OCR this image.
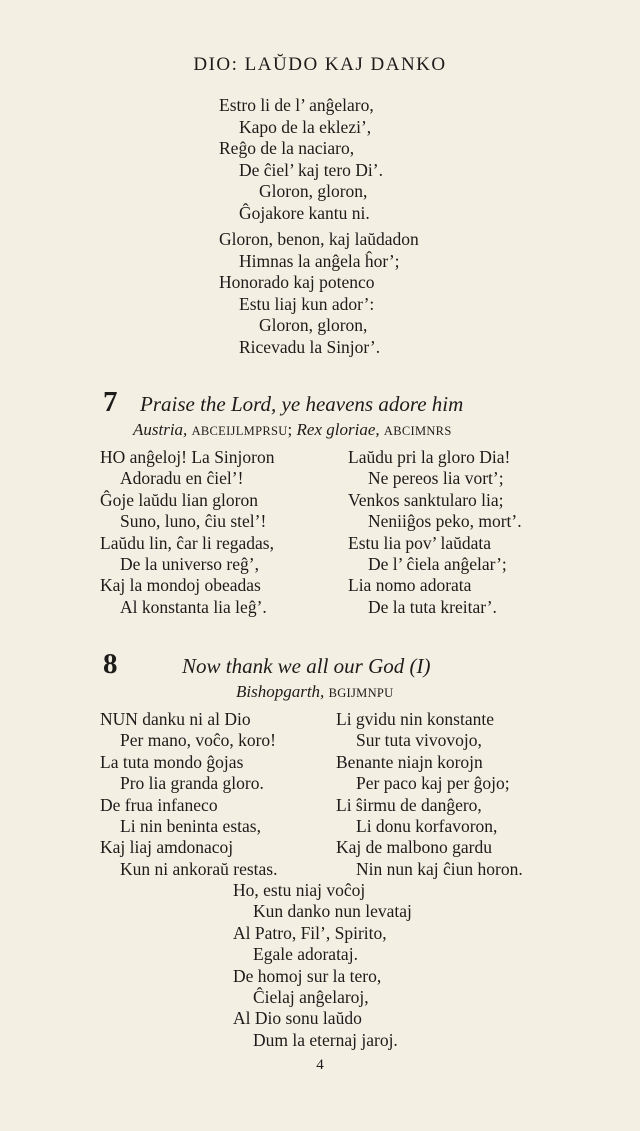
DIO: LAŬDO KAJ DANKO
Estro li de l’ anĝelaro,
Kapo de la eklezi’,
Reĝo de la naciaro,
De ĉiel’ kaj tero Di’.
Gloron, gloron,
Ĝojakore kantu ni.
Gloron, benon, kaj laŭdadon
Himnas la anĝela ĥor’;
Honorado kaj potenco
Estu liaj kun ador’:
Gloron, gloron,
Ricevadu la Sinjor’.
7 Praise the Lord, ye heavens adore him
Austria, ABCEIJLMPRSU; Rex gloriae, ABCIMNRS
HO anĝeloj! La Sinjoron
Adoradu en ĉiel’!
Ĝoje laŭdu lian gloron
Suno, luno, ĉiu stel’!
Laŭdu lin, ĉar li regadas,
De la universo reĝ’,
Kaj la mondoj obeadas
Al konstanta lia leĝ’.
Laŭdu pri la gloro Dia!
Ne pereos lia vort’;
Venkos sanktularo lia;
Neniiĝos peko, mort’.
Estu lia pov’ laŭdata
De l’ ĉiela anĝelar’;
Lia nomo adorata
De la tuta kreitar’.
8	Now thank we all our God (I)
Bishopgarth, BGIJMNPU
NUN danku ni al Dio
Per mano, voĉo, koro!
La tuta mondo ĝojas
Pro lia granda gloro.
De frua infaneco
Li nin beninta estas,
Kaj liaj amdonacoj
Kun ni ankoraŭ restas.
Li gvidu nin konstante
Sur tuta vivovojo,
Benante niajn korojn
Per paco kaj per ĝojo;
Li ŝirmu de danĝero,
Li donu korfavoron,
Kaj de malbono gardu
Nin nun kaj ĉiun horon.
Ho, estu niaj voĉoj
Kun danko nun levataj
Al Patro, Fil’, Spirito,
Egale adorataj.
De homoj sur la tero,
Ĉielaj anĝelaroj,
Al Dio sonu laŭdo
Dum la eternaj jaroj.
4
